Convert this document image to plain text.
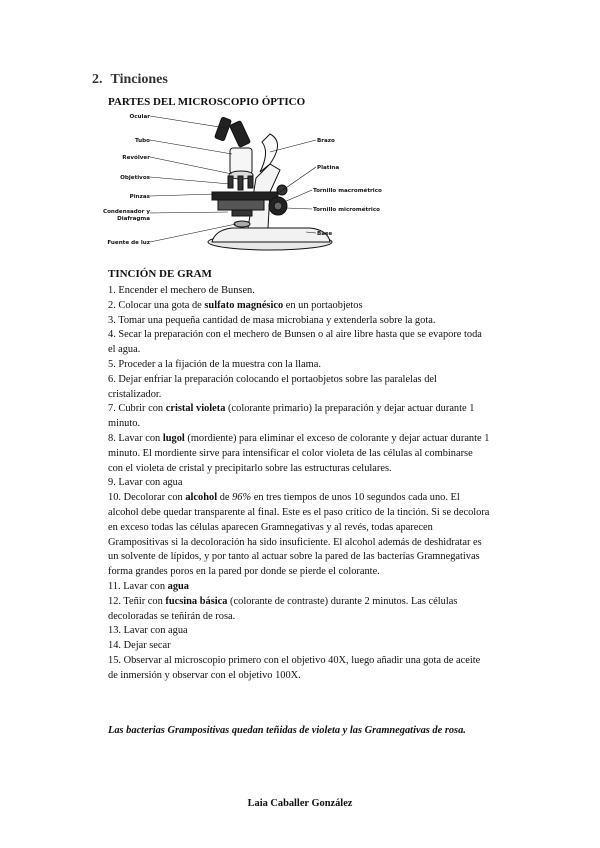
2. Tinciones
PARTES DEL MICROSCOPIO ÓPTICO
Ocular
Tubo
Revólver
Objetivos
Pinzas
Condensador y
Diafragma
Fuente de luz
Brazo
Platina
Tornillo macrométrico
Tornillo micrométrico
Base
TINCIÓN DE GRAM

1. Encender el mechero de Bunsen.

2. Colocar una gota de sulfato magnésico en un portaobjetos

3. Tomar una pequeña cantidad de masa microbiana y extenderla sobre la gota.

4. Secar la preparación con el mechero de Bunsen o al aire libre hasta que se evapore toda el agua.

5. Proceder a la fijación de la muestra con la llama.

6. Dejar enfriar la preparación colocando el portaobjetos sobre las paralelas del cristalizador.

7. Cubrir con cristal violeta (colorante primario) la preparación y dejar actuar durante 1 minuto.

8. Lavar con lugol (mordiente) para eliminar el exceso de colorante y dejar actuar durante 1 minuto. El mordiente sirve para intensificar el color violeta de las células al combinarse con el violeta de cristal y precipitarlo sobre las estructuras celulares.

9. Lavar con agua

10. Decolorar con alcohol de 96% en tres tiempos de unos 10 segundos cada uno. El alcohol debe quedar transparente al final. Este es el paso crítico de la tinción. Si se decolora en exceso todas las células aparecen Gramnegativas y al revés, todas aparecen Grampositivas si la decoloración ha sido insuficiente. El alcohol además de deshidratar es un solvente de lípidos, y por tanto al actuar sobre la pared de las bacterias Gramnegativas forma grandes poros en la pared por donde se pierde el colorante.

11. Lavar con agua

12. Teñir con fucsina básica (colorante de contraste) durante 2 minutos. Las células decoloradas se teñirán de rosa.

13. Lavar con agua

14. Dejar secar

15. Observar al microscopio primero con el objetivo 40X, luego añadir una gota de aceite de inmersión y observar con el objetivo 100X.

Las bacterias Grampositivas quedan teñidas de violeta y las Gramnegativas de rosa.

Laia Caballer González
